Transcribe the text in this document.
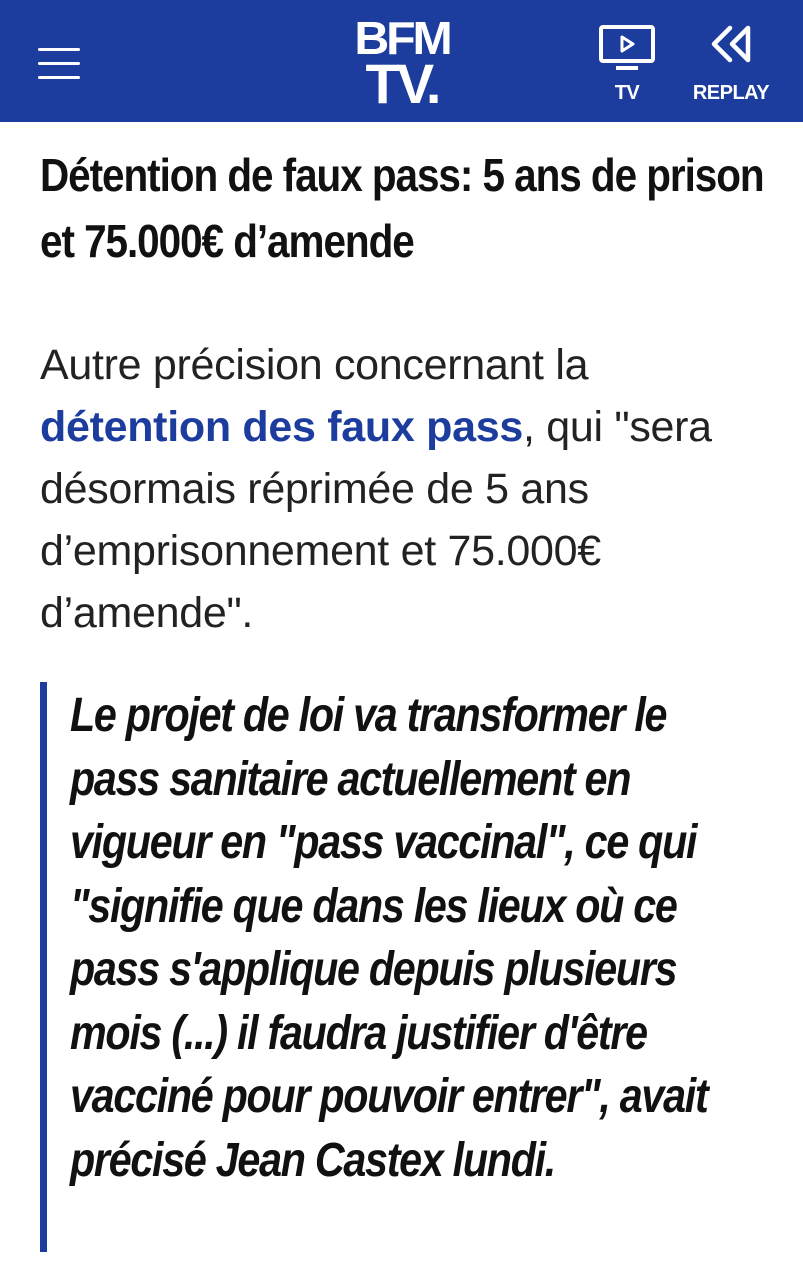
BFM
TV.	TV	REPLAY
Détention de faux pass: 5 ans de prison et 75.000€ d’amende

Autre précision concernant la détention des faux pass, qui "sera désormais réprimée de 5 ans d’emprisonnement et 75.000€ d’amende".

Le projet de loi va transformer le pass sanitaire actuellement en vigueur en "pass vaccinal", ce qui "signifie que dans les lieux où ce pass s'applique depuis plusieurs mois (...) il faudra justifier d'être vacciné pour pouvoir entrer", avait précisé Jean Castex lundi.
